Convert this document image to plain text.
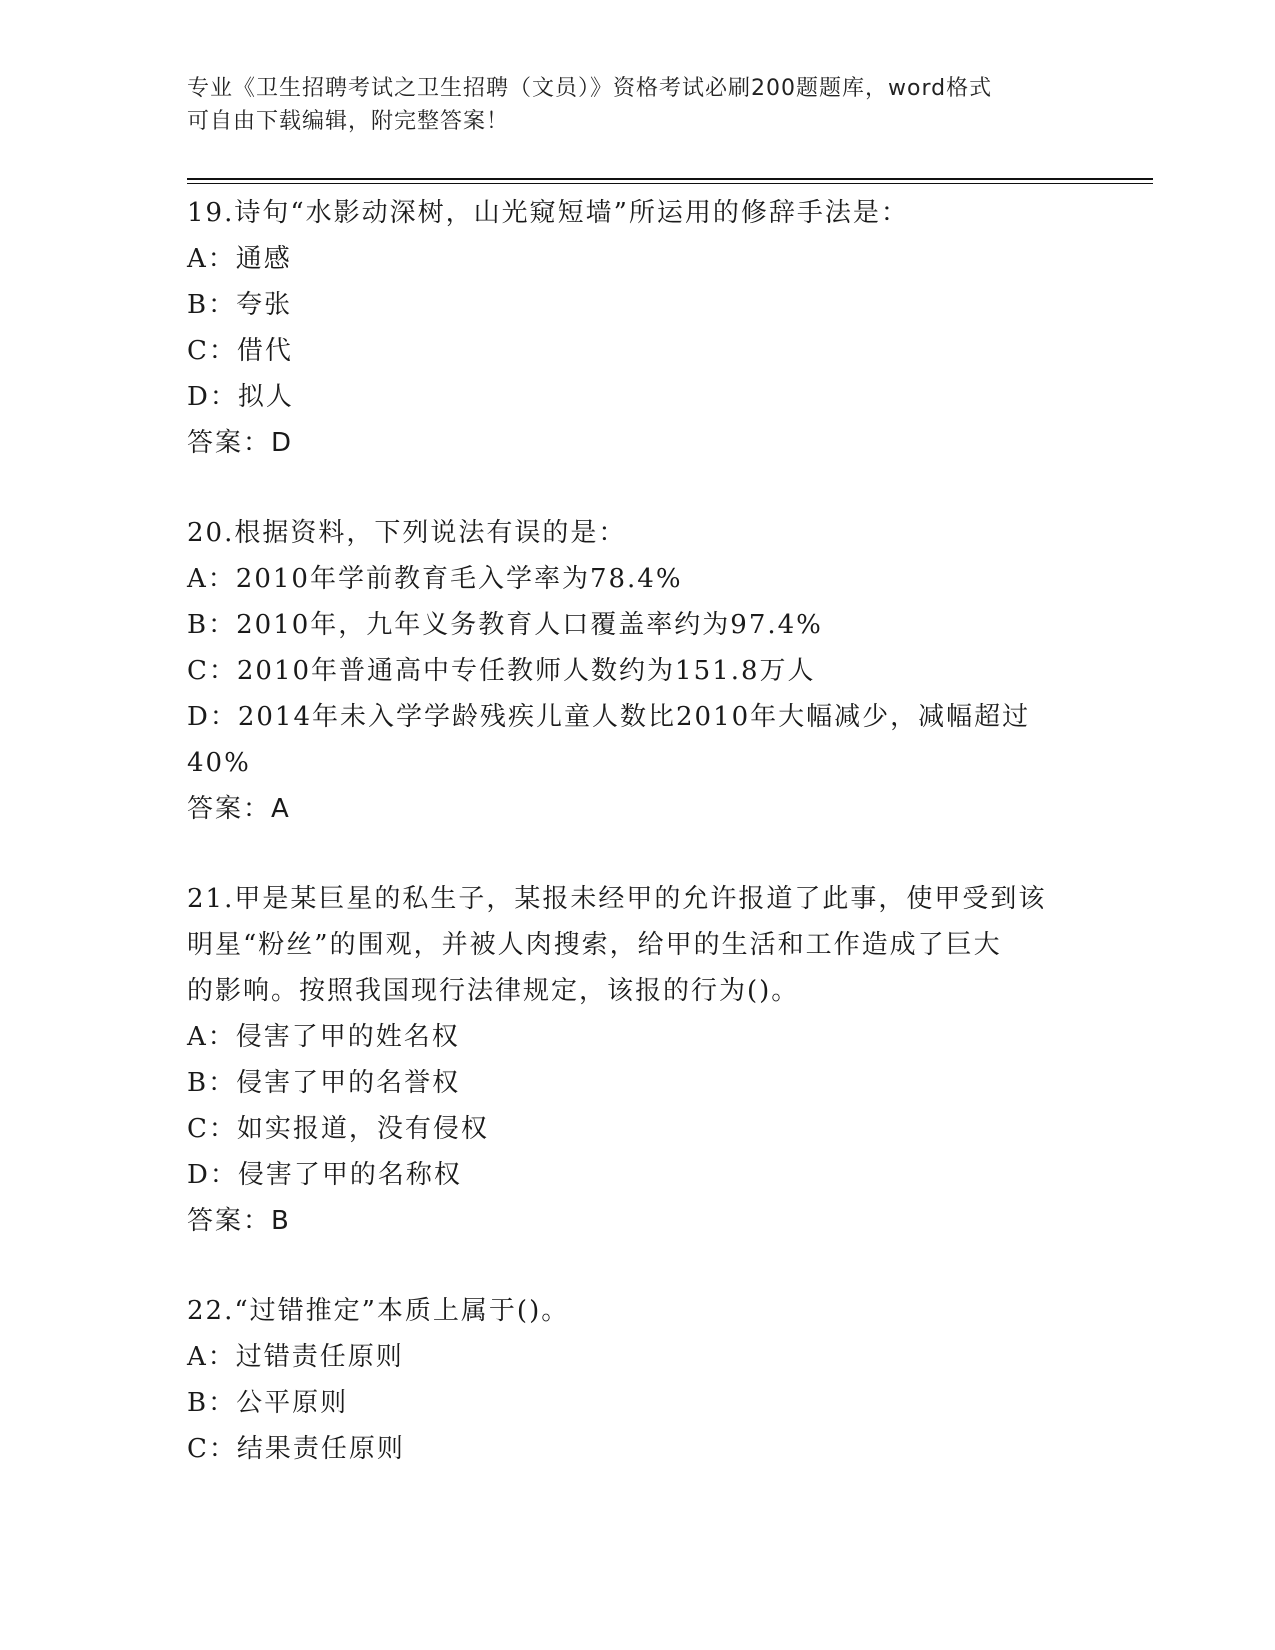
专业《卫生招聘考试之卫生招聘（文员）》资格考试必刷200题题库，word格式
可自由下载编辑，附完整答案！
19.诗句“水影动深树，山光窥短墙”所运用的修辞手法是：
A：通感
B：夸张
C：借代
D：拟人
答案：D
20.根据资料，下列说法有误的是：
A：2010年学前教育毛入学率为78.4%
B：2010年，九年义务教育人口覆盖率约为97.4%
C：2010年普通高中专任教师人数约为151.8万人
D：2014年未入学学龄残疾儿童人数比2010年大幅减少，减幅超过
40%
答案：A
21.甲是某巨星的私生子，某报未经甲的允许报道了此事，使甲受到该
明星“粉丝”的围观，并被人肉搜索，给甲的生活和工作造成了巨大
的影响。按照我国现行法律规定，该报的行为()。
A：侵害了甲的姓名权
B：侵害了甲的名誉权
C：如实报道，没有侵权
D：侵害了甲的名称权
答案：B
22.“过错推定”本质上属于()。
A：过错责任原则
B：公平原则
C：结果责任原则
